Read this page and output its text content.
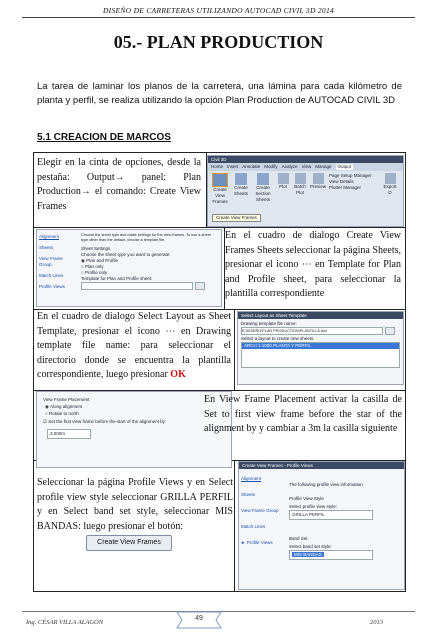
DISEÑO DE CARRETERAS UTILIZANDO AUTOCAD CIVIL 3D 2014
05.- PLAN PRODUCTION
La tarea de laminar los planos de la carretera, una lámina para cada kilómetro de planta y perfil, se realiza utilizando la opción Plan Production de AUTOCAD CIVIL 3D
5.1 CREACION DE MARCOS
Elegir en la cinta de opciones, desde la pestaña: Output→ panel: Plan Production→ el comando: Create View Frames
Civil 3D
Home Insert Annotate Modify Analyze View Manage	Output
Create View Frames
Create Sheets
Create Section Sheets
Plot	Batch Plot
Preview
Page Setup Manager
View Details
Plotter Manager	Export D
Create View Frames
Alignment
Sheets
View Frame Group
Match Lines
Profile Views
Choose the sheet type and make settings for the view frames. To use a sheet type other than the default, choose a template file.
Sheet Settings
Choose the sheet type you want to generate:
◉ Plan and Profile
○ Plan only
○ Profile only
Template for Plan and Profile sheet:
En el cuadro de dialogo Create View Frames Sheets seleccionar la página Sheets, presionar el icono ⋯ en Template for Plan and Profile sheet, para seleccionar la plantilla correspondiente
En el cuadro de dialogo Select Layout as Sheet Template, presionar el icono ⋯ en Drawing template file name: para seleccionar el directorio donde se encuentra la plantilla correspondiente, luego presionar OK
Select Layout as Sheet Template
Drawing template file name:
E:\DISEÑO\PLAN PRODUCTION\PLANTILLA.dwt
Select a layout to create new sheets
ARCH 1:1000 PLANTA Y PERFIL
View Frame Placement
◉ Along alignment
○ Rotate to north
☑ Set the first view frame before the start of the alignment by:
3.000m
En View Frame Placement activar la casilla de Set to first view frame before the star of the alignment by y cambiar a 3m la casilla siguiente
Seleccionar la página Profile Views y en Select profile view style seleccionar GRILLA PERFIL y en Select band set style, seleccionar MIS BANDAS: luego presionar el botón:
Create View Frames
Create View Frames - Profile Views
Alignment
Sheets
View Frame Group
Match Lines
► Profile Views
The following profile view information
Profile View Style
Select profile view style:
GRILLA PERFIL
Band Set
Select band set style:
MIS BANDAS
Ing. CÉSAR VILLA ALAGON
49
2013
